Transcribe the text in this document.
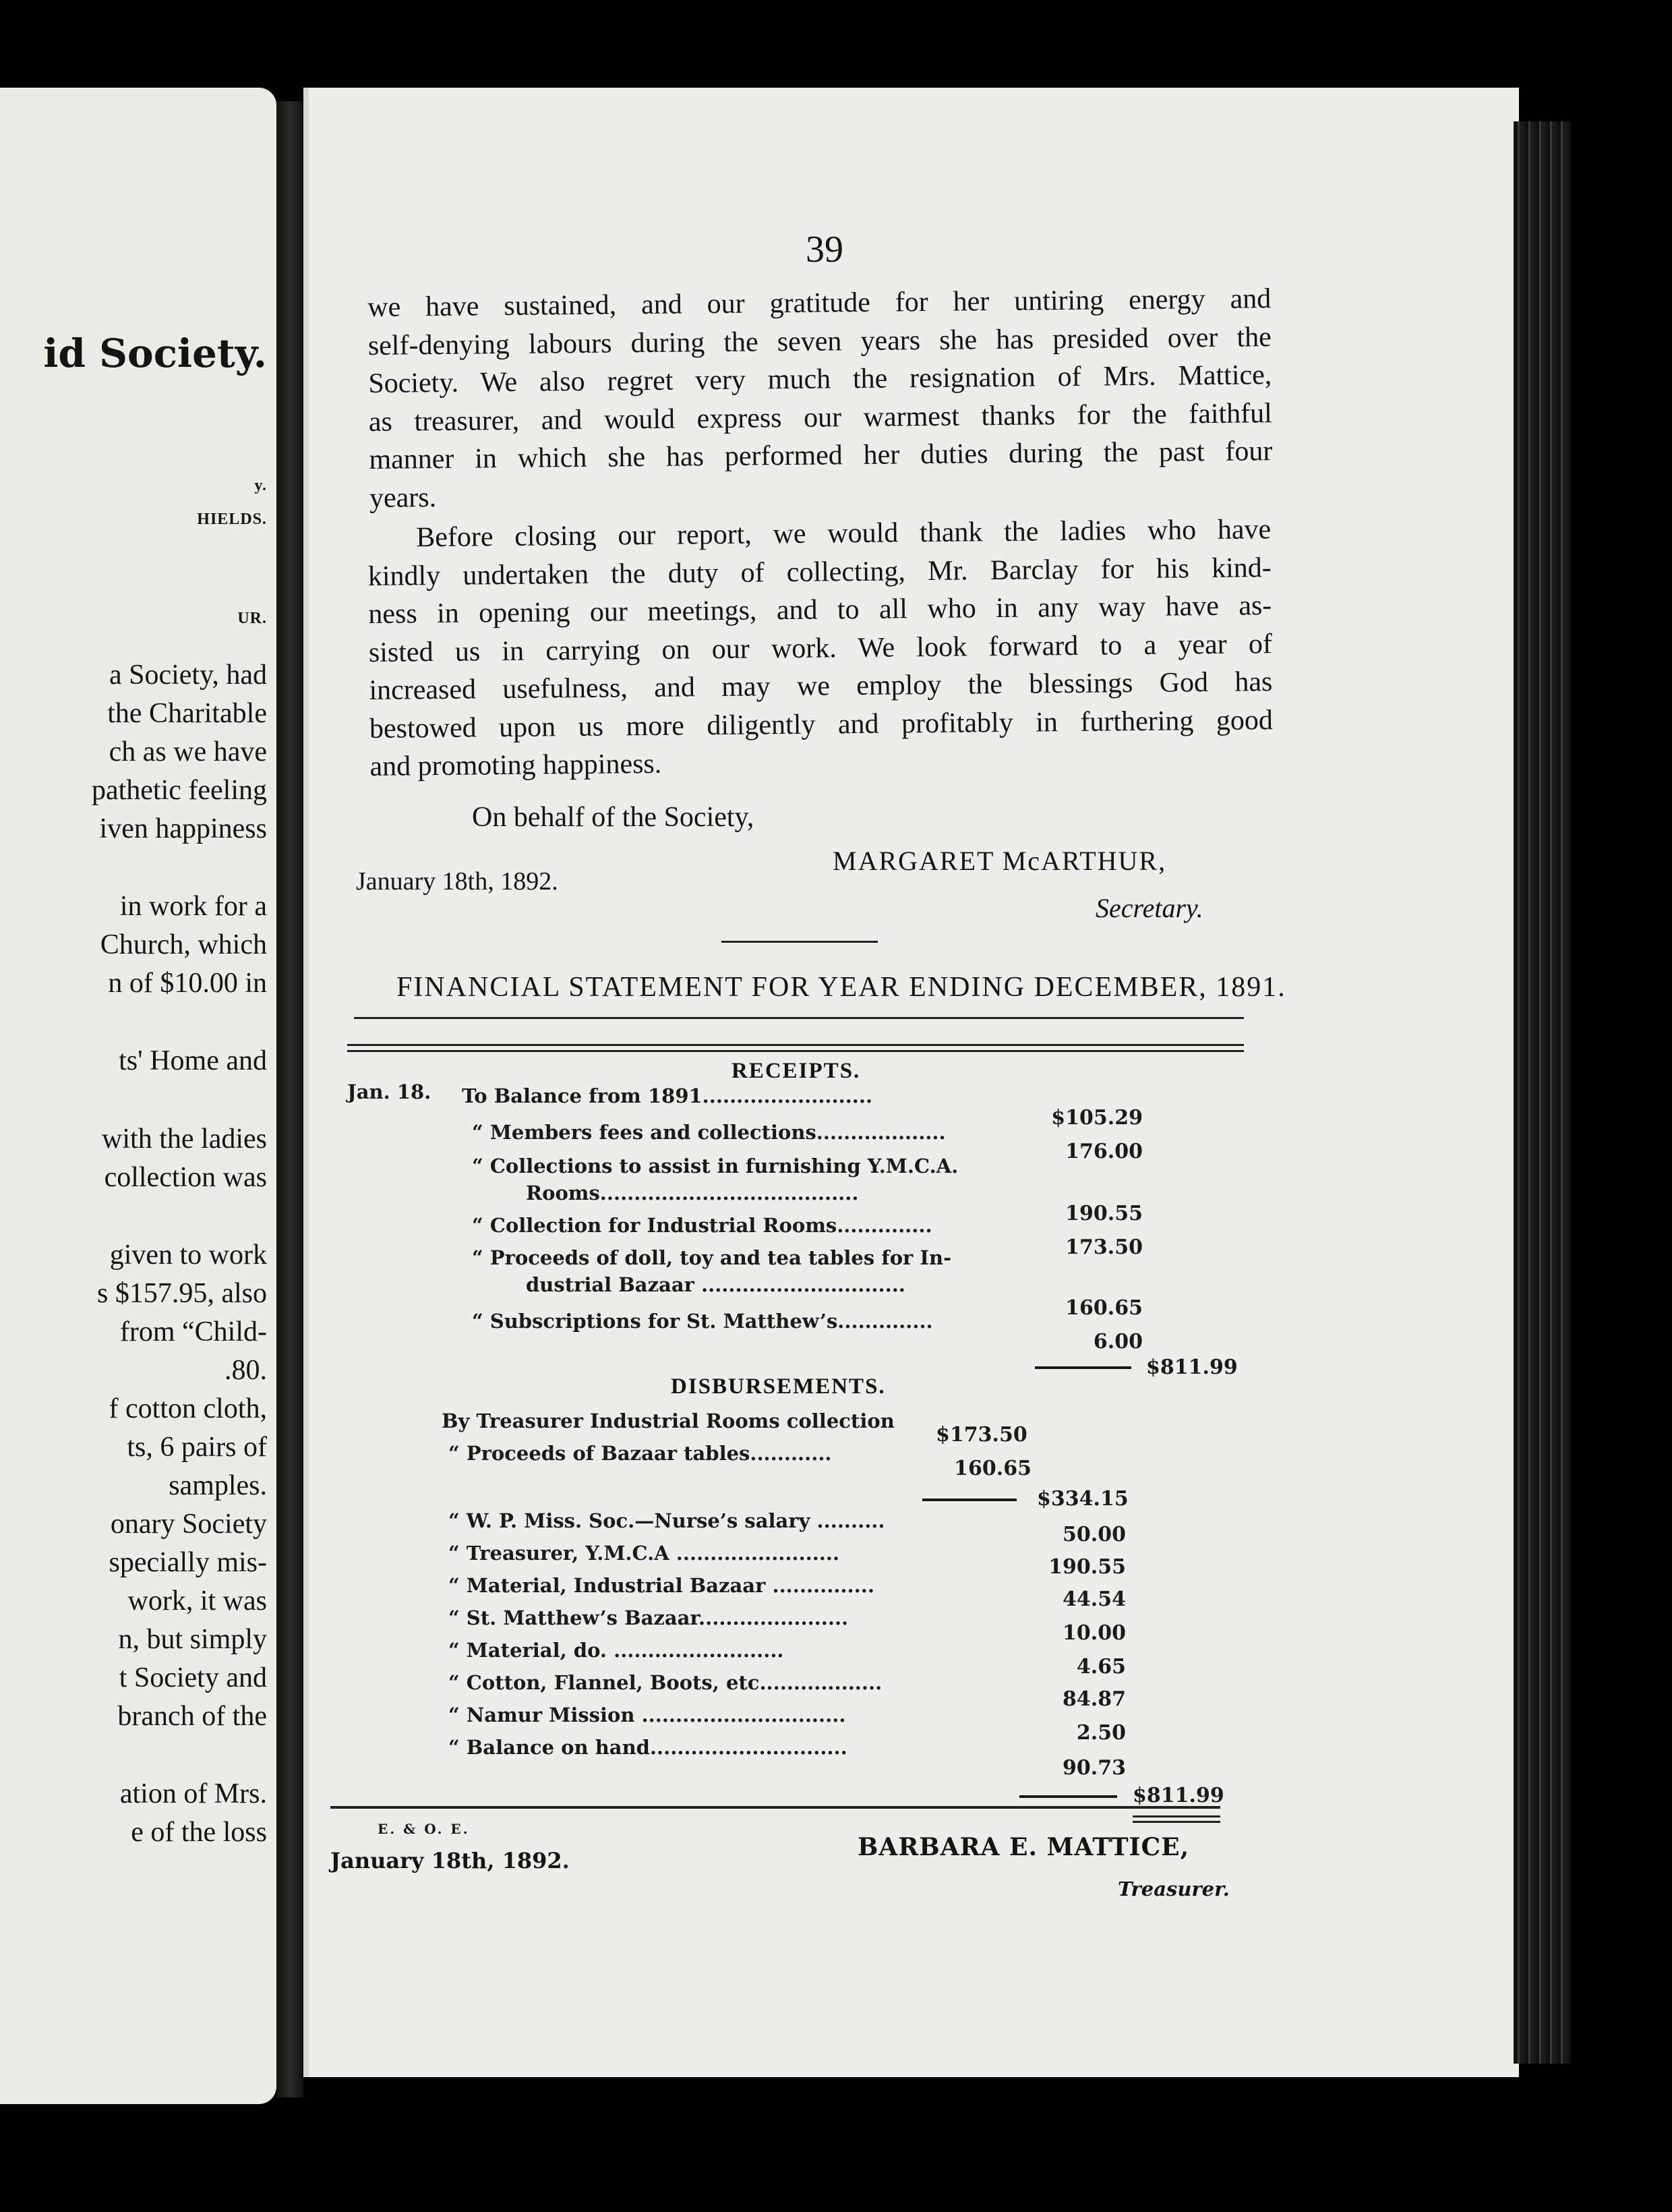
id Society.
y.
HIELDS.
UR.
a Society, had
the Charitable
ch as we have
pathetic feeling
iven happiness
in work for a
Church, which
n of $10.00 in
ts' Home and
with the ladies
collection was
given to work
s $157.95, also
from “Child-
.80.
f cotton cloth,
ts, 6 pairs of
samples.
onary Society
specially mis-
work, it was
n, but simply
t Society and
branch of the
ation of Mrs.
e of the loss
39
we have sustained, and our gratitude for her untiring energy and
self-denying labours during the seven years she has presided over the
Society. We also regret very much the resignation of Mrs. Mattice,
as treasurer, and would express our warmest thanks for the faithful
manner in which she has performed her duties during the past four
years.
Before closing our report, we would thank the ladies who have
kindly undertaken the duty of collecting, Mr. Barclay for his kind-
ness in opening our meetings, and to all who in any way have as-
sisted us in carrying on our work. We look forward to a year of
increased usefulness, and may we employ the blessings God has
bestowed upon us more diligently and profitably in furthering good
and promoting happiness.
On behalf of the Society,
MARGARET McARTHUR,
January 18th, 1892.
Secretary.
FINANCIAL STATEMENT FOR YEAR ENDING DECEMBER, 1891.
RECEIPTS.
Jan. 18. To Balance from 1891.........................
$105.29
“ Members fees and collections...................
176.00
“ Collections to assist in furnishing Y.M.C.A.
Rooms......................................
190.55
“ Collection for Industrial Rooms..............
173.50
“ Proceeds of doll, toy and tea tables for In-
dustrial Bazaar ..............................
160.65
“ Subscriptions for St. Matthew’s..............
6.00
$811.99
DISBURSEMENTS.
By Treasurer Industrial Rooms collection
$173.50
“ Proceeds of Bazaar tables............
160.65
$334.15
“ W. P. Miss. Soc.—Nurse’s salary ..........
50.00
“ Treasurer, Y.M.C.A ........................
190.55
“ Material, Industrial Bazaar ...............
44.54
“ St. Matthew’s Bazaar......................
10.00
“ Material, do. .........................
4.65
“ Cotton, Flannel, Boots, etc..................
84.87
“ Namur Mission ..............................
2.50
“ Balance on hand.............................
90.73
$811.99
E. & O. E.
January 18th, 1892.	BARBARA E. MATTICE,
Treasurer.
